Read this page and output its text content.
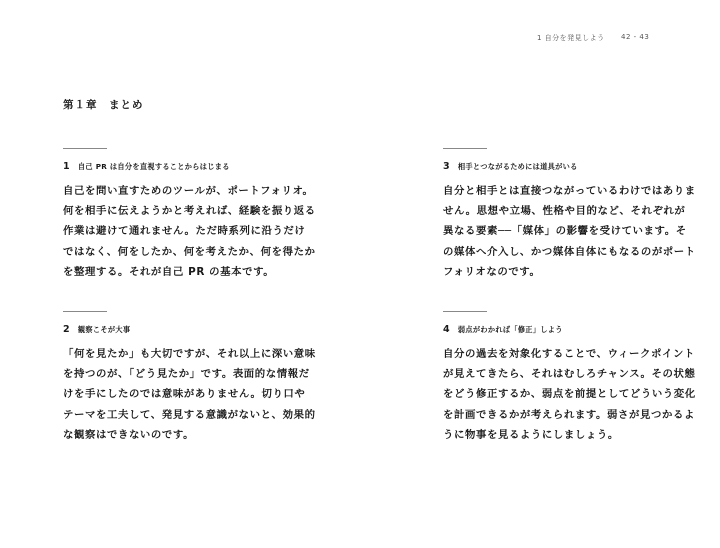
1 自分を発見しよう 42 - 43
第１章　まとめ
1 自己 PR は自分を直視することからはじまる
自己を問い直すためのツールが、ポートフォリオ。
何を相手に伝えようかと考えれば、経験を振り返る
作業は避けて通れません。ただ時系列に沿うだけ
ではなく、何をしたか、何を考えたか、何を得たか
を整理する。それが自己 PR の基本です。
3 相手とつながるためには道具がいる
自分と相手とは直接つながっているわけではありま
せん。思想や立場、性格や目的など、それぞれが
異なる要素──「媒体」の影響を受けています。そ
の媒体へ介入し、かつ媒体自体にもなるのがポート
フォリオなのです。
2 観察こそが大事
「何を見たか」も大切ですが、それ以上に深い意味
を持つのが、「どう見たか」です。表面的な情報だ
けを手にしたのでは意味がありません。切り口や
テーマを工夫して、発見する意識がないと、効果的
な観察はできないのです。
4 弱点がわかれば「修正」しよう
自分の過去を対象化することで、ウィークポイント
が見えてきたら、それはむしろチャンス。その状態
をどう修正するか、弱点を前提としてどういう変化
を計画できるかが考えられます。弱さが見つかるよ
うに物事を見るようにしましょう。
